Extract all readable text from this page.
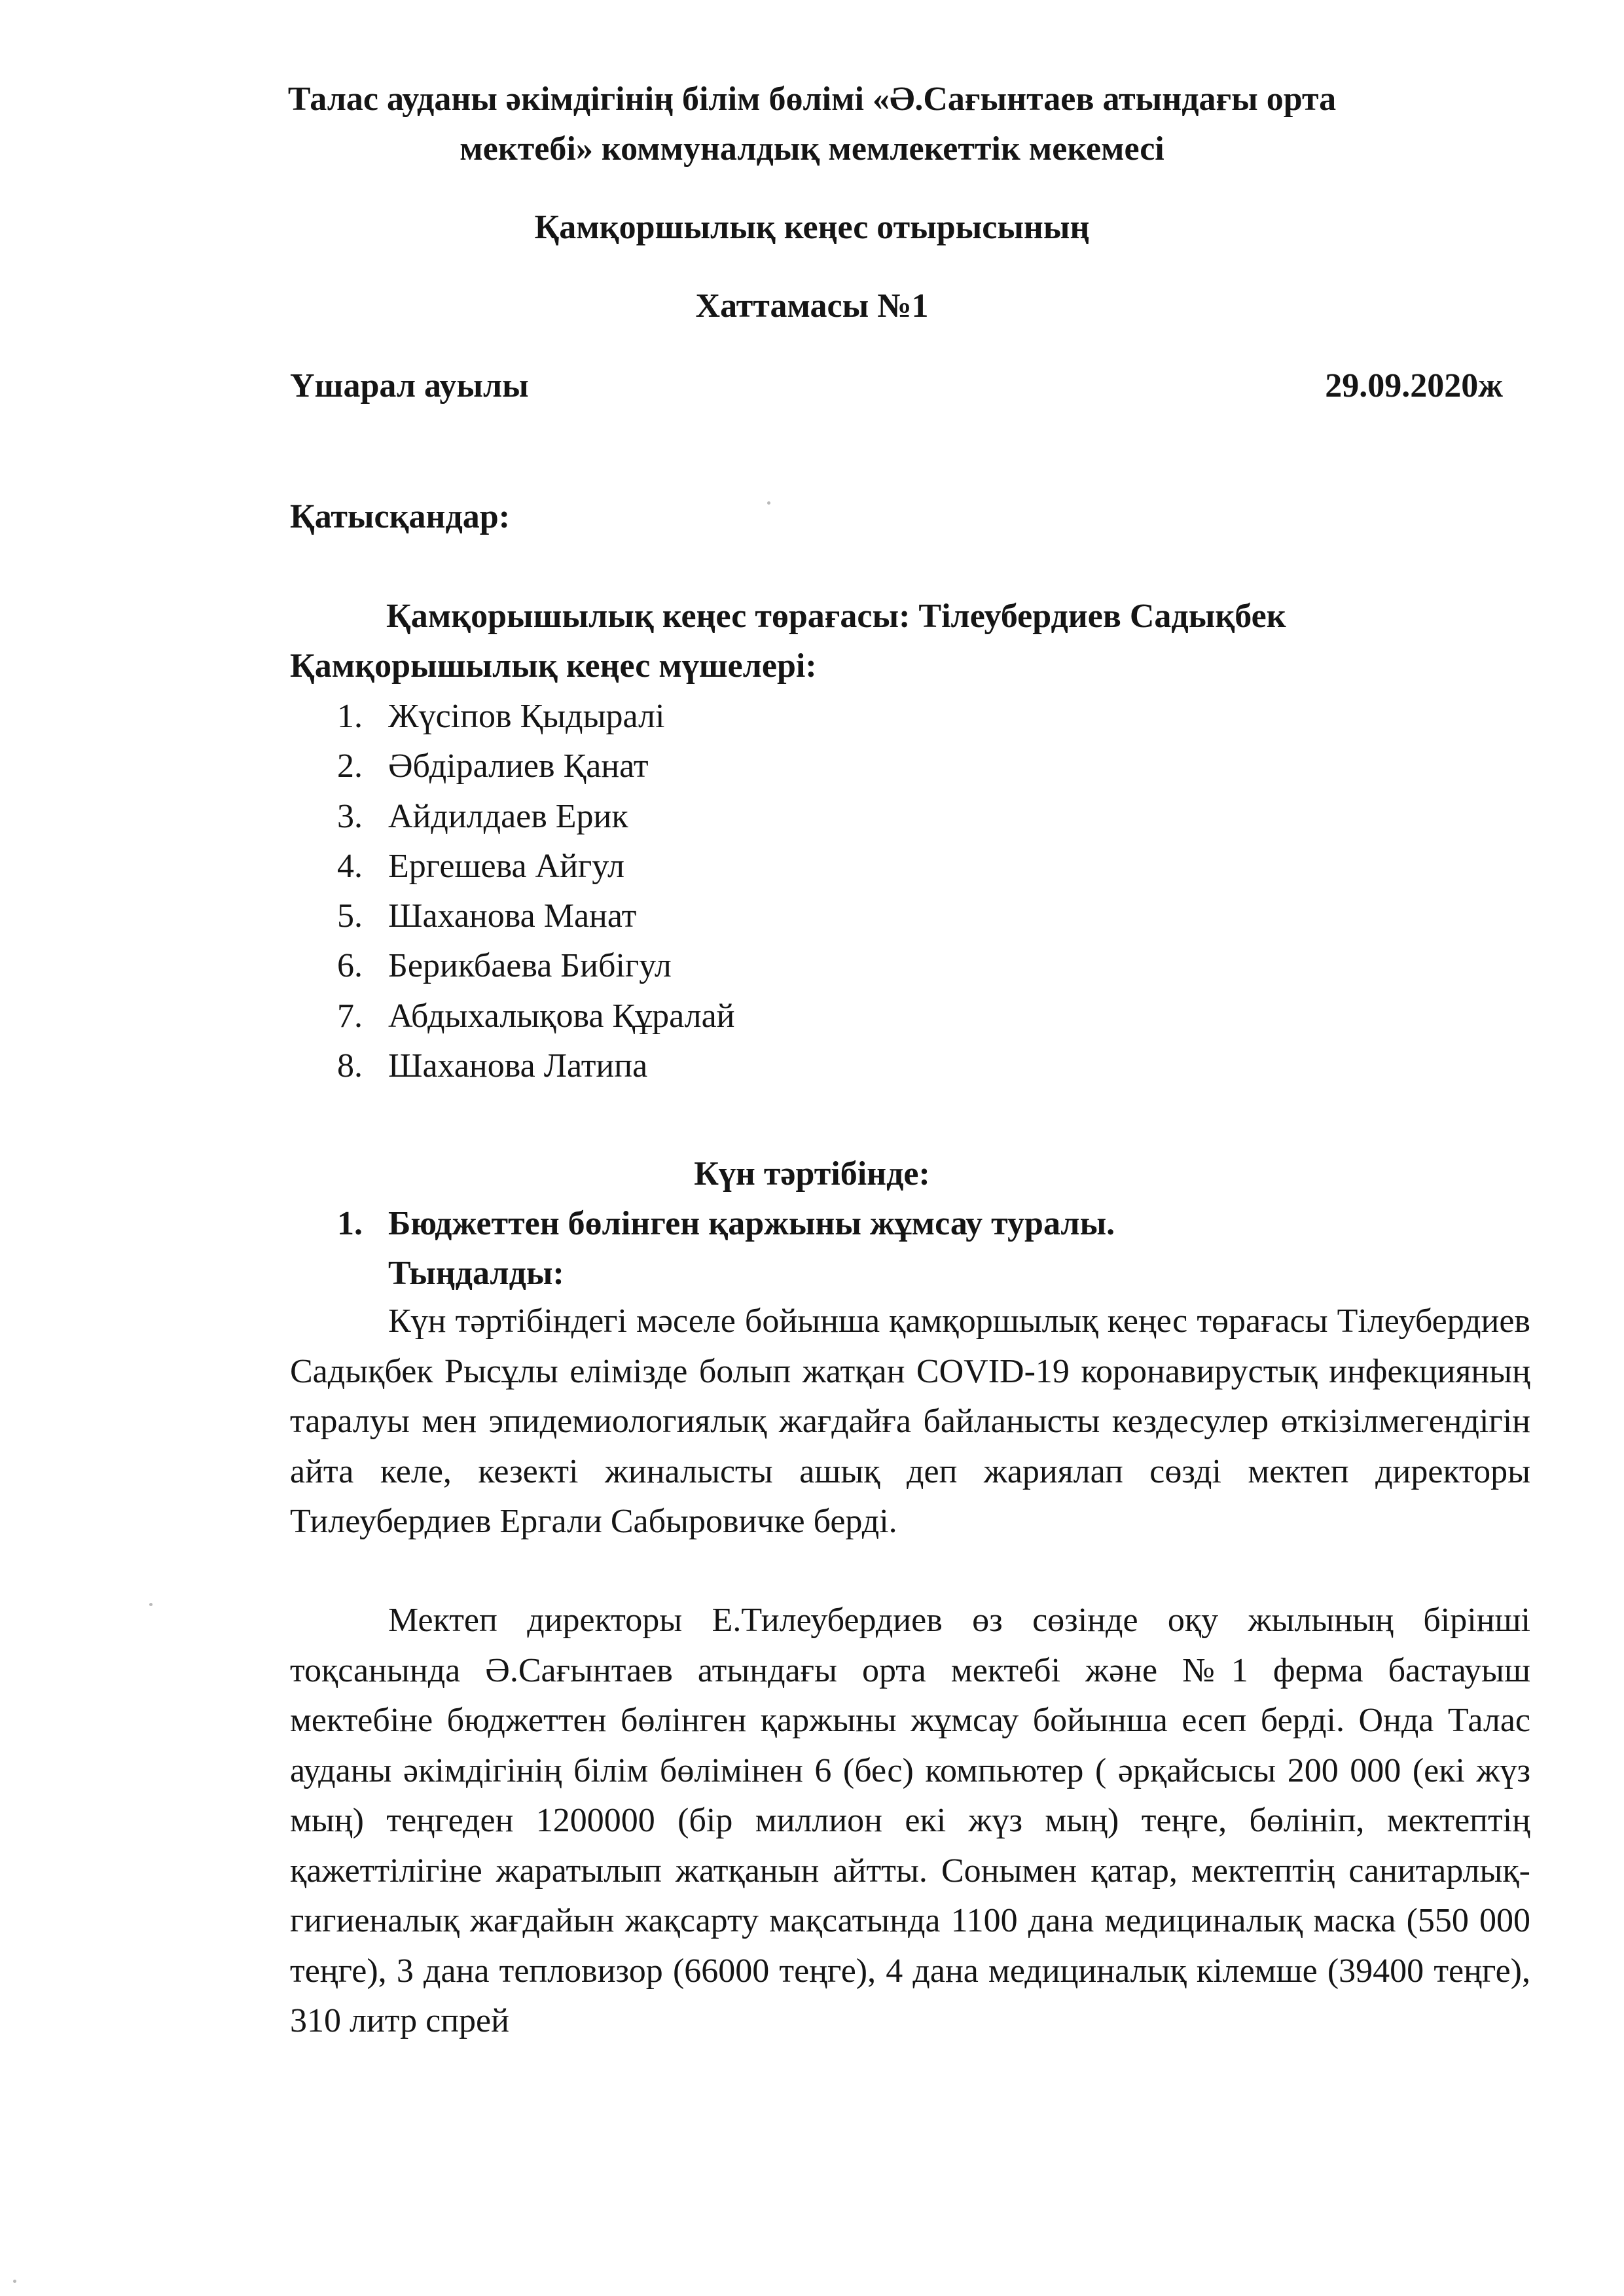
Талас ауданы әкімдігінің білім бөлімі «Ә.Сағынтаев атындағы орта
мектебі» коммуналдық мемлекеттік мекемесі
Қамқоршылық кеңес отырысының
Хаттамасы №1
Үшарал ауылы	29.09.2020ж
Қатысқандар:
Қамқорышылық кеңес төрағасы: Тілеубердиев Садықбек
Қамқорышылық кеңес мүшелері:
1. Жүсіпов Қыдыралі
2. Әбдіралиев Қанат
3. Айдилдаев Ерик
4. Ергешева Айгул
5. Шаханова Манат
6. Берикбаева Бибігул
7. Абдыхалықова Құралай
8. Шаханова Латипа
Күн тәртібінде:
1. Бюджеттен бөлінген қаржыны жұмсау туралы.
Тыңдалды:
Күн тәртібіндегі мәселе бойынша қамқоршылық кеңес төрағасы Тілеубердиев Садықбек Рысұлы елімізде болып жатқан COVID-19 коронавирустық инфекцияның таралуы мен эпидемиологиялық жағдайға байланысты кездесулер өткізілмегендігін айта келе, кезекті жиналысты ашық деп жариялап сөзді мектеп директоры Тилеубердиев Ергали Сабыровичке берді.
Мектеп директоры Е.Тилеубердиев өз сөзінде оқу жылының бірінші тоқсанында Ә.Сағынтаев атындағы орта мектебі және №1 ферма бастауыш мектебіне бюджеттен бөлінген қаржыны жұмсау бойынша есеп берді. Онда Талас ауданы әкімдігінің білім бөлімінен 6 (бес) компьютер ( әрқайсысы 200 000 (екі жүз мың) теңгеден 1200000 (бір миллион екі жүз мың) теңге, бөлініп, мектептің қажеттілігіне жаратылып жатқанын айтты. Сонымен қатар, мектептің санитарлық-гигиеналық жағдайын жақсарту мақсатында 1100 дана медициналық маска (550 000 теңге), 3 дана тепловизор (66000 теңге), 4 дана медициналық кілемше (39400 теңге), 310 литр спрей
